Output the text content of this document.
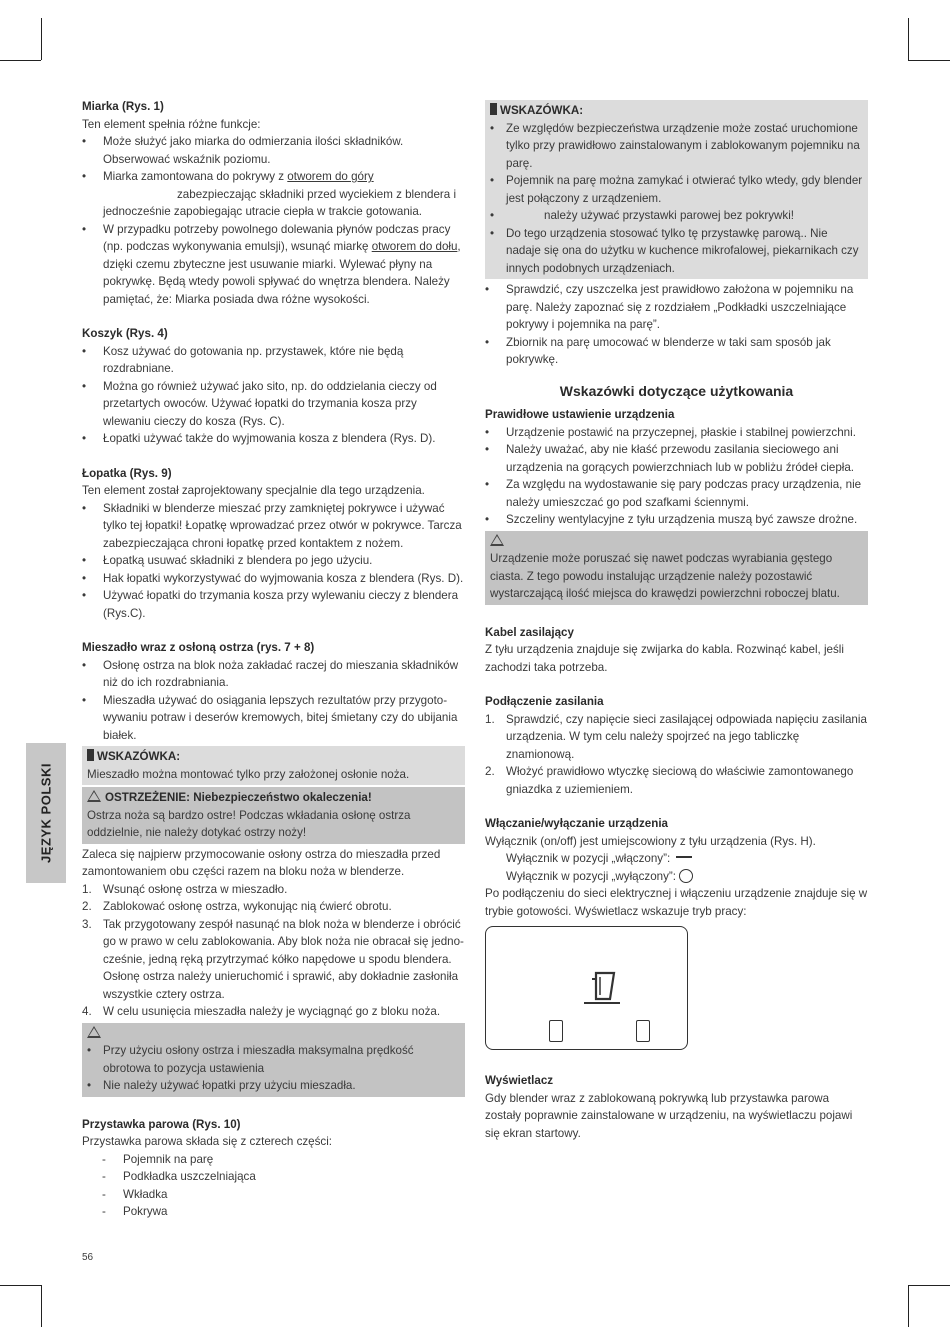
JĘZYK POLSKI
Miarka (Rys. 1)

Ten element spełnia różne funkcje:

• Może służyć jako miarka do odmierzania ilości składników. Obserwować wskaźnik poziomu.
• Miarka zamontowana do pokrywy z otworem do góry
zabezpieczając składniki przed wyciekiem z blendera i jednocześnie zapobiegając utracie ciepła w trakcie gotowania.
• W przypadku potrzeby powolnego dolewania płynów podczas pracy (np. podczas wykonywania emulsji), wsunąć miarkę otworem do dołu, dzięki czemu zbyteczne jest usuwanie miarki. Wylewać płyny na pokrywkę. Będą wtedy powoli spływać do wnętrza blendera. Należy pamiętać, że: Miarka posiada dwa różne wysokości.
Koszyk (Rys. 4)
• Kosz używać do gotowania np. przystawek, które nie będą rozdrabniane.
• Można go również używać jako sito, np. do oddzielania cieczy od przetartych owoców. Używać łopatki do trzymania kosza przy wlewaniu cieczy do kosza (Rys. C).
• Łopatki używać także do wyjmowania kosza z blendera (Rys. D).
Łopatka (Rys. 9)

Ten element został zaprojektowany specjalnie dla tego urządzenia.

• Składniki w blenderze mieszać przy zamkniętej pokrywce i używać tylko tej łopatki! Łopatkę wprowadzać przez otwór w pokrywce. Tarcza zabezpieczająca chroni łopatkę przed kontaktem z nożem.
• Łopatką usuwać składniki z blendera po jego użyciu.
• Hak łopatki wykorzystywać do wyjmowania kosza z blendera (Rys. D).
• Używać łopatki do trzymania kosza przy wylewaniu cieczy z blendera (Rys.C).
Mieszadło wraz z osłoną ostrza (rys. 7 + 8)
• Osłonę ostrza na blok noża zakładać raczej do mieszania składników niż do ich rozdrabniania.
• Mieszadła używać do osiągania lepszych rezultatów przy przygotowywaniu potraw i deserów kremowych, bitej śmietany czy do ubijania białek.
WSKAZÓWKA:
Mieszadło można montować tylko przy założonej osłonie noża.
OSTRZEŻENIE: Niebezpieczeństwo okaleczenia!
Ostrza noża są bardzo ostre! Podczas wkładania osłonę ostrza oddzielnie, nie należy dotykać ostrzy noży!

Zaleca się najpierw przymocowanie osłony ostrza do mieszadła przed zamontowaniem obu części razem na bloku noża w blenderze.

1. Wsunąć osłonę ostrza w mieszadło.
2. Zablokować osłonę ostrza, wykonując nią ćwierć obrotu.
3. Tak przygotowany zespół nasunąć na blok noża w blenderze i obrócić go w prawo w celu zablokowania. Aby blok noża nie obracał się jednocześnie, jedną ręką przytrzymać kółko napędowe u spodu blendera. Osłonę ostrza należy unieruchomić i sprawić, aby dokładnie zasłoniła wszystkie cztery ostrza.
4. W celu usunięcia mieszadła należy je wyciągnąć go z bloku noża.
• Przy użyciu osłony ostrza i mieszadła maksymalna prędkość obrotowa to pozycja ustawienia
• Nie należy używać łopatki przy użyciu mieszadła.
Przystawka parowa (Rys. 10)

Przystawka parowa składa się z czterech części:

- Pojemnik na parę
- Podkładka uszczelniająca
- Wkładka
- Pokrywa
WSKAZÓWKA:
• Ze względów bezpieczeństwa urządzenie może zostać uruchomione tylko przy prawidłowo zainstalowanym i zablokowanym pojemniku na parę.
• Pojemnik na parę można zamykać i otwierać tylko wtedy, gdy blender jest połączony z urządzeniem.
•	należy używać przystawki parowej bez pokrywki!
• Do tego urządzenia stosować tylko tę przystawkę parową.. Nie nadaje się ona do użytku w kuchence mikrofalowej, piekarnikach czy innych podobnych urządzeniach.
• Sprawdzić, czy uszczelka jest prawidłowo założona w pojemniku na parę. Należy zapoznać się z rozdziałem „Podkładki uszczelniające pokrywy i pojemnika na parę”.
• Zbiornik na parę umocować w blenderze w taki sam sposób jak pokrywkę.
Wskazówki dotyczące użytkowania
Prawidłowe ustawienie urządzenia
• Urządzenie postawić na przyczepnej, płaskie i stabilnej powierzchni.
• Należy uważać, aby nie kłaść przewodu zasilania sieciowego ani urządzenia na gorących powierzchniach lub w pobliżu źródeł ciepła.
• Za względu na wydostawanie się pary podczas pracy urządzenia, nie należy umieszczać go pod szafkami ściennymi.
• Szczeliny wentylacyjne z tyłu urządzenia muszą być zawsze drożne.
Urządzenie może poruszać się nawet podczas wyrabiania gęstego ciasta. Z tego powodu instalując urządzenie należy pozostawić wystarczającą ilość miejsca do krawędzi powierzchni roboczej blatu.
Kabel zasilający

Z tyłu urządzenia znajduje się zwijarka do kabla. Rozwinąć kabel, jeśli zachodzi taka potrzeba.

Podłączenie zasilania
1. Sprawdzić, czy napięcie sieci zasilającej odpowiada napięciu zasilania urządzenia. W tym celu należy spojrzeć na jego tabliczkę znamionową.
2. Włożyć prawidłowo wtyczkę sieciową do właściwie zamontowanego gniazdka z uziemieniem.
Włączanie/wyłączanie urządzenia

Wyłącznik (on/off) jest umiejscowiony z tyłu urządzenia (Rys. H).

Wyłącznik w pozycji „włączony”:

Wyłącznik w pozycji „wyłączony”:

Po podłączeniu do sieci elektrycznej i włączeniu urządzenie znajduje się w trybie gotowości. Wyświetlacz wskazuje tryb pracy:

Wyświetlacz

Gdy blender wraz z zablokowaną pokrywką lub przystawka parowa zostały poprawnie zainstalowane w urządzeniu, na wyświetlaczu pojawi się ekran startowy.

56
